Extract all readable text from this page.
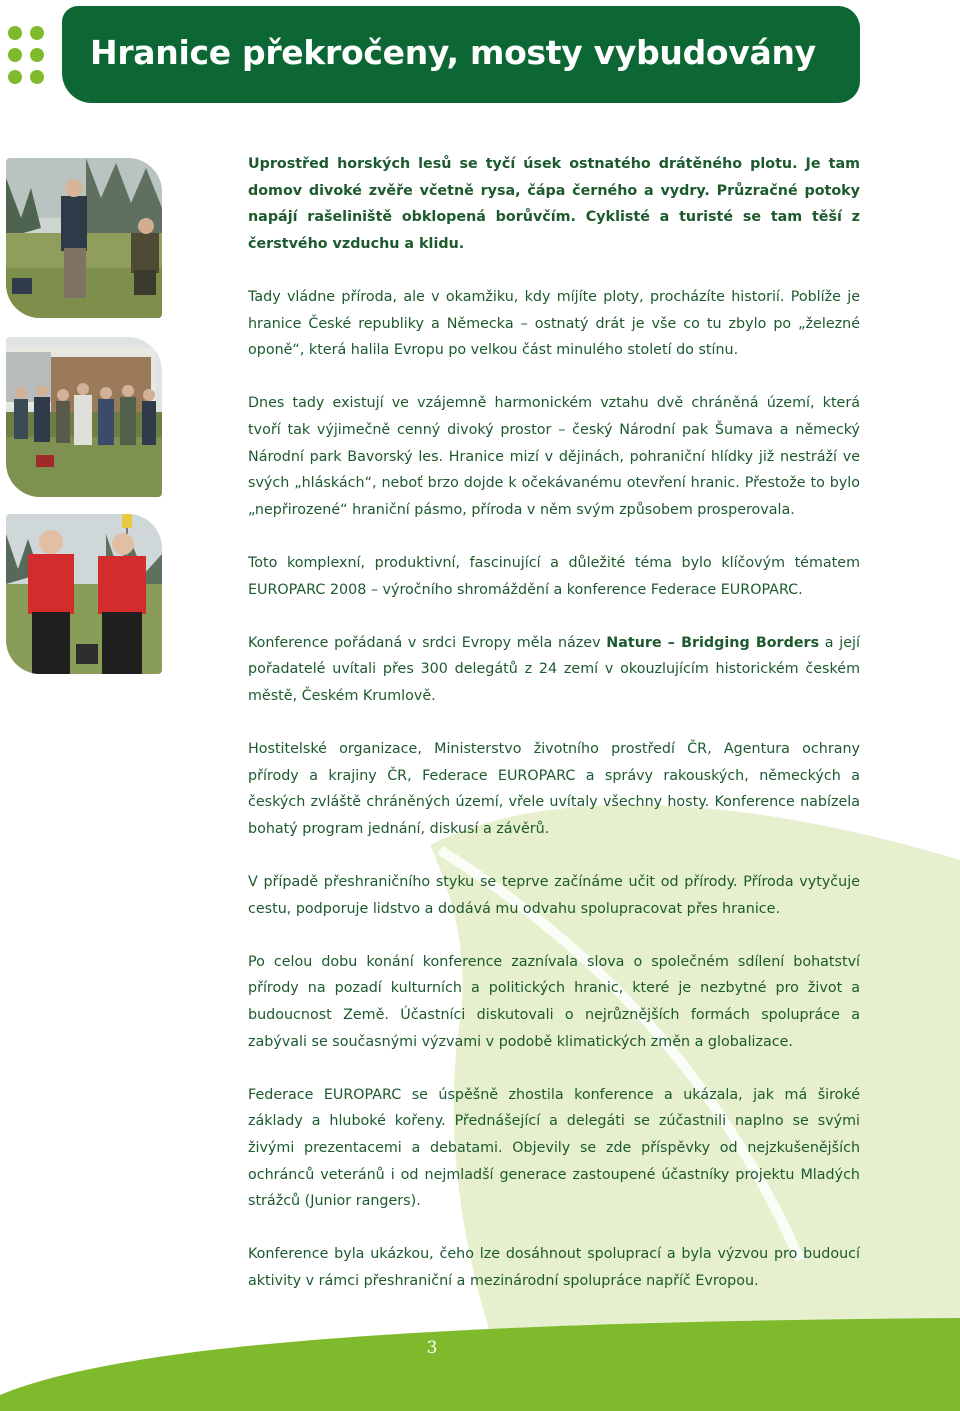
Hranice překročeny, mosty vybudovány

Uprostřed horských lesů se tyčí úsek ostnatého drátěného plotu. Je tam domov divoké zvěře včetně rysa, čápa černého a vydry. Průzračné potoky napájí rašeliniště obklopená borůvčím. Cyklisté a turisté se tam těší z čerstvého vzduchu a klidu.

Tady vládne příroda, ale v okamžiku, kdy míjíte ploty, procházíte historií. Poblíže je hranice České republiky a Německa – ostnatý drát je vše co tu zbylo po „železné oponě“, která halila Evropu po velkou část minulého století do stínu.

Dnes tady existují ve vzájemně harmonickém vztahu dvě chráněná území, která tvoří tak výjimečně cenný divoký prostor – český Národní pak Šumava a německý Národní park Bavorský les. Hranice mizí v dějinách, pohraniční hlídky již nestráží ve svých „hláskách“, neboť brzo dojde k očekávanému otevření hranic. Přestože to bylo „nepřirozené“ hraniční pásmo, příroda v něm svým způsobem prosperovala.

Toto komplexní, produktivní, fascinující a důležité téma bylo klíčovým tématem EUROPARC 2008 – výročního shromáždění a konference Federace EUROPARC.

Konference pořádaná v srdci Evropy měla název Nature – Bridging Borders a její pořadatelé uvítali přes 300 delegátů z 24 zemí v okouzlujícím historickém českém městě, Českém Krumlově.

Hostitelské organizace, Ministerstvo životního prostředí ČR, Agentura ochrany přírody a krajiny ČR, Federace EUROPARC a správy rakouských, německých a českých zvláště chráněných území, vřele uvítaly všechny hosty. Konference nabízela bohatý program jednání, diskusí a závěrů.

V případě přeshraničního styku se teprve začínáme učit od přírody. Příroda vytyčuje cestu, podporuje lidstvo a dodává mu odvahu spolupracovat přes hranice.

Po celou dobu konání konference zaznívala slova o společném sdílení bohatství přírody na pozadí kulturních a politických hranic, které je nezbytné pro život a budoucnost Země. Účastníci diskutovali o nejrůznějších formách spolupráce a zabývali se současnými výzvami v podobě klimatických změn a globalizace.

Federace EUROPARC se úspěšně zhostila konference a ukázala, jak má široké základy a hluboké kořeny. Přednášející a delegáti se zúčastnili naplno se svými živými prezentacemi a debatami. Objevily se zde příspěvky od nejzkušenějších ochránců veteránů i od nejmladší generace zastoupené účastníky projektu Mladých strážců (Junior rangers).

Konference byla ukázkou, čeho lze dosáhnout spoluprací a byla výzvou pro budoucí aktivity v rámci přeshraniční a mezinárodní spolupráce napříč Evropou.

3
